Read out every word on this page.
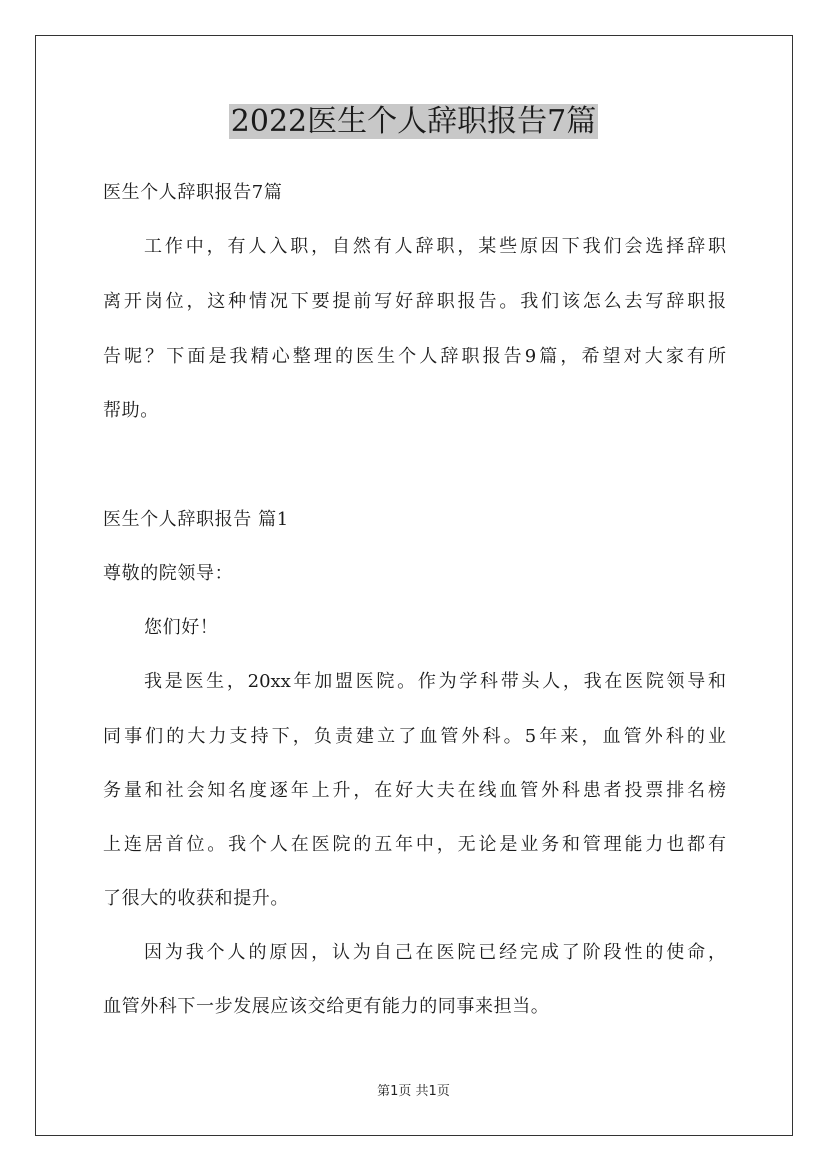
2022医生个人辞职报告7篇
医生个人辞职报告7篇
工作中，有人入职，自然有人辞职，某些原因下我们会选择辞职
离开岗位，这种情况下要提前写好辞职报告。我们该怎么去写辞职报
告呢？下面是我精心整理的医生个人辞职报告9篇，希望对大家有所
帮助。
医生个人辞职报告 篇1
尊敬的院领导：
您们好！
我是医生，20xx年加盟医院。作为学科带头人，我在医院领导和
同事们的大力支持下，负责建立了血管外科。5年来，血管外科的业
务量和社会知名度逐年上升，在好大夫在线血管外科患者投票排名榜
上连居首位。我个人在医院的五年中，无论是业务和管理能力也都有
了很大的收获和提升。
因为我个人的原因，认为自己在医院已经完成了阶段性的使命，
血管外科下一步发展应该交给更有能力的同事来担当。
第1页 共1页
